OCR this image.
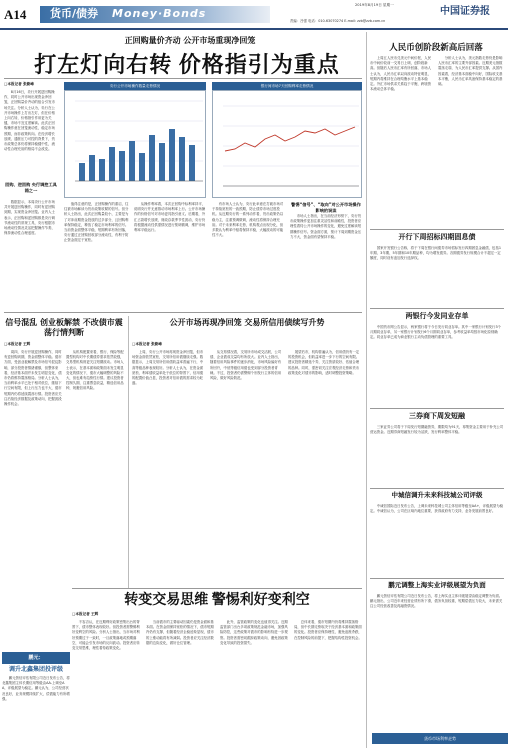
A14 货币/债券 Money·Bonds
2019年8月19日 星期一
责编：吕强 电话：010-63070274 E-mail: zzb@zzb.com.cn
中国证券报
正回购量价齐动 公开市场重现净回笼
打左灯向右转 价格指引为重点
□本报记者 张勤峰
　　8月16日，央行开展逆回购操作，同时公开市场出现资金净回笼，正回购量价齐动的组合引发市场关注。分析人士认为，央行在公开市场操作上打出左灯，但在价格上向右转，价格指引作用更为关键，市场不宜过度解读。此次正回购操作意在回笼流动性，稳定市场预期，而非政策转向。在经济增长放缓、通胀压力可控的背景下，货币政策总体仍将保持稳健中性，流动性合理充裕的格局不会改变。
回购、逆回购 央行调控工具箱之一
　　数据显示，本周央行公开市场共开展逆回购操作，同时有逆回购到期，实现资金净回笼。业内人士表示，正回购和逆回购都是央行调节流动性的常规工具，央行根据市场流动性情况灵活把握操作节奏，保持流动性合理适度。
央行公开市场操作数量走势情况	银行间市场7天回购利率走势情况
　　值得注意的是，正回购操作的重启，往往被市场解读为货币政策收紧的信号。但分析人士指出，此次正回购量较小，主要是为了对冲前期资金投放的过多部分，且回购利率保持稳定，释放了稳定市场利率的信号。当前资金面整体平稳，短期利率有所回落，央行通过正回购回收部分流动性，有利于防止资金面过于宽松。
　　从操作利率看，本次正回购中标利率持平，说明央行并无意推动市场利率上行。公开市场操作的价格信号对市场更具指引意义。后期看，外汇占款增长放缓，财政存款季节性波动，央行仍将根据流动性供需情况进行预调微调，维护市场利率平稳运行。
　　有市场人士认为，央行此举意在打破市场对于持续宽松的一致预期，防止债券市场过度投机。从近期央行的一系列动作看，货币政策仍以稳为主，注重预调微调，流动性将保持合理充裕。对于未来利率走势，机构观点出现分化，但多数认为利率中枢将保持平稳，大幅波动的可能性不大。
警惕“信号”、“取向”对公开市场操作影响的误读
　　市场人士指出，在当前经济形势下，央行货币政策操作更加注重灵活性和前瞻性，投资者应理性看待公开市场操作的变化，避免过度解读短期操作信号。资金面方面，预计下周到期资金压力不大，资金面有望保持平稳。
信号混乱 创业板解禁 不改债市震荡行情判断
□本报记者 王辉
　　周四，央行开展逆回购操作，同时有逆回购到期，资金面整体平稳。债市方面，受创业板解禁及市场信号混乱影响，部分投资者情绪谨慎，但整体来看，经济基本面并未发生明显变化，债市仍将维持震荡格局。分析人士认为，当前利率水平已处于相对低位，继续下行空间有限，但上行压力也不大，债市短期内仍将延续震荡行情。投资者应关注后续经济数据及政策动向，把握波段操作机会。
　　从机构配置来看，银行、保险等配置型机构对中长期债券需求依然较强，交易型机构则更关注短期波动。市场人士表示，在基本面和政策面未发生明显变化的情况下，债市大幅调整的风险不大，但也难有趋势性行情。建议投资者控制久期，注重票息收益，精选信用品种，规避信用风险。
公开市场再现净回笼 交易所信用债续写升势
□本报记者 张勤峰
　　上周，央行公开市场再现资金净回笼，但市场资金面依然宽松，交易所信用债继续走强。数据显示，上周交易所信用债收益率普遍下行，中高等级品种表现较好。分析人士认为，在资金面宽松、利率债收益率处于低位的背景下，信用债的配置价值凸显，投资者对信用债的需求较为旺盛。
　　从交易情况看，交易所市场成交活跃，公司债、企业债成交量均有所放大。业内人士指出，随着信用风险事件的逐步消化，市场风险偏好有所回升，中低等级信用债也受到部分投资者青睐。不过，投资者仍需警惕个别发行主体的信用风险，做好风险防范。
　　展望后市，机构普遍认为，信用债仍有一定的投资机会，但收益率进一步下行的空间有限。建议投资者精选个券，关注资质较好、估值合理的品种。同时，需密切关注宏观经济走势和货币政策变化对债市的影响，适时调整投资策略。
转变交易思维 警惕利好变利空
□本报记者 王辉
　　不容否认，在近期利好政策密集出台的背景下，债市整体表现较好。但投资者需警惕利好变利空的风险。分析人士指出，当市场对利好预期过于一致时，一旦政策落地或预期落空，可能会引发市场的反向波动。投资者应转变交易思维，理性看待政策变化。
　　当前债市的主要驱动因素仍是资金面和基本面。在资金面保持宽松的情况下，债市短期内仍有支撑，但随着经济企稳迹象显现，债市的上涨动能将有所减弱。投资者应关注经济数据的边际变化，做好仓位管理。
　　此外，监管政策的变化也值得关注。近期监管部门出台多项政策规范金融市场，加强风险防控，这些政策对债市的影响有待进一步观察。投资者需密切跟踪政策动向，避免因政策变化导致的投资损失。
　　总体来看，债市短期内仍将维持震荡格局，但中长期走势取决于经济基本面和政策面的变化。投资者应保持理性，避免追涨杀跌，在控制风险的前提下，把握结构性投资机会。
鹏元：
调升北鑫集团投评级
　　鹏元资信评估有限公司近日发布公告，将北鑫集团主体长期信用等级由AA-上调至AA，评级展望为稳定。鹏元认为，公司经营状况良好，业务规模持续扩大，偿债能力有所增强。
人民币创阶段新高后回落
　　上周五人民币兑美元中间价报，人民币中间价较前一交易日上调，创阶段新高。但随后人民币汇率有所回落，市场人士认为，人民币汇率双向波动特征明显，短期内将维持在合理均衡水平上基本稳定。外汇市场供求关系趋于平衡，跨境资本流动总体平稳。
　　分析人士认为，美元指数走势仍是影响人民币汇率的主要外部因素。近期美元指数震荡走弱，为人民币汇率提供支撑。从国内因素看，经济基本面稳中向好，国际收支基本平衡，人民币汇率具备保持基本稳定的基础。
开行下周招标四期固息债
　　国家开发银行公告称，将于下周在银行间债券市场招标发行四期固息金融债，包括1年期、3年期、5年期和10年期品种，均为增发债券。各期债券发行规模合计不超过一定额度，同时设有追加发行选择权。
两银行今发同业存单
　　中国货币网公告显示，两家银行将于今日发行同业存单。其中一家银行计划发行3个月期同业存单，另一家银行计划发行6个月期同业存单，参考收益率均按市场化原则确定。同业存单已成为商业银行主动负债管理的重要工具。
三券商下周发短融
　　三家证券公司将于下周发行短期融资券，期限均为91天，募集资金主要用于补充公司营运资金。近期券商短融发行较为活跃，发行利率整体平稳。
中城信调升未来科技城公司评级
　　中诚信国际近日发布公告，上调未来科技城公司主体信用等级至AA+，评级展望为稳定。中诚信认为，公司在区域内地位重要，获得政府有力支持，业务发展前景良好。
鹏元调整上海实业评级展望为负面
　　鹏元资信评估有限公司近日发布公告，将上海实业主体评级展望由稳定调整为负面。鹏元指出，公司近年来经营业绩有所下滑，债务负担较重，短期偿债压力较大，未来需关注公司经营改善及再融资情况。
货币市场利率走势
